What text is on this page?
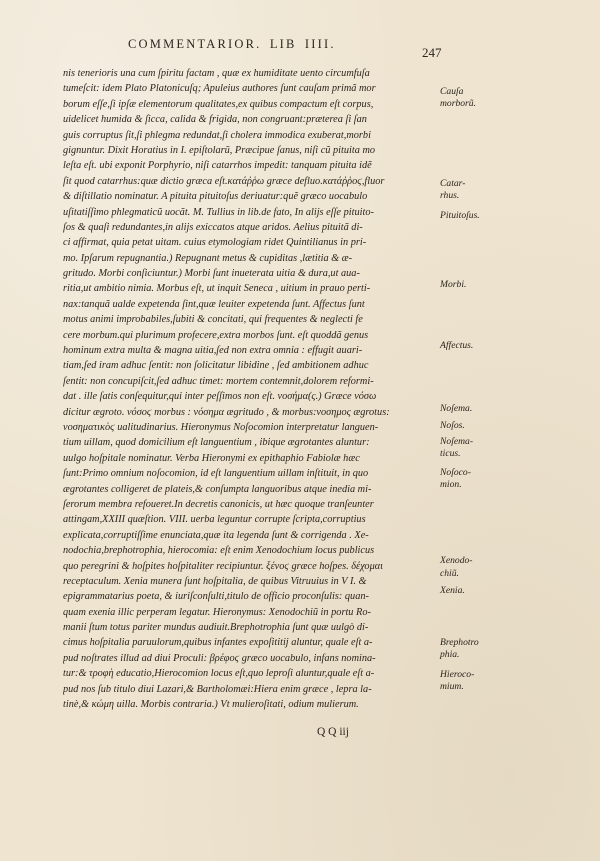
COMMENTARIOR. LIB IIII.
247
nis tenerioris una cum ſpiritu factam , quæ ex humiditate uento circumfuſa
tumeſcit: idem Plato Platonicuſq; Apuleius authores ſunt cauſam primã mor
borum eſſe,ſi ipſæ elementorum qualitates,ex quibus compactum eſt corpus,
uidelicet humida & ſicca, calida & frigida, non congruant:præterea ſi ſan
guis corruptus ſit,ſi phlegma redundat,ſi cholera immodica exuberat,morbi
gignuntur. Dixit Horatius in I. epiſtolarũ, Præcipue ſanus, niſi cũ pituita mo
leſta eſt. ubi exponit Porphyrio, niſi catarrhos impedit: tanquam pituita idẽ
ſit quod catarrhus:quæ dictio græca eſt.κατάῤῥω græce defluo.κατάῤῥοϛ,fluor
& diſtillatio nominatur. A pituita pituitoſus deriuatur:quẽ græco uocabulo
uſitatiſſimo phlegmaticũ uocãt. M. Tullius in lib.de fato, In alijs eſſe pituito-
ſos & quaſi redundantes,in alijs exiccatos atque aridos. Aelius pituitã di-
ci affirmat, quia petat uitam. cuius etymologiam ridet Quintilianus in pri-
mo. Ipſarum repugnantia.) Repugnant metus & cupiditas ,lætitia & æ-
gritudo. Morbi conſiciuntur.) Morbi ſunt inueterata uitia & dura,ut aua-
ritia,ut ambitio nimia. Morbus eſt, ut inquit Seneca , uitium in prauo perti-
nax:tanquã ualde expetenda ſint,quæ leuiter expetenda ſunt. Affectus ſunt
motus animi improbabiles,ſubiti & concitati, qui frequentes & neglecti fe
cere morbum.qui plurimum profecere,extra morbos ſunt. eſt quoddã genus
hominum extra multa & magna uitia,ſed non extra omnia : effugit auari-
tiam,ſed iram adhuc ſentit: non ſolicitatur libidine , ſed ambitionem adhuc
ſentit: non concupiſcit,ſed adhuc timet: mortem contemnit,dolorem reformi-
dat . ille ſatis conſequitur,qui inter peſſimos non eſt. νοσήμα(ς.) Græce νόσω
dicitur ægroto. νόσοϛ morbus : νόσημα ægritudo , & morbus:νοσημος ægrotus:
νοσηματικὸϛ ualitudinarius. Hieronymus Noſocomion interpretatur languen-
tium uillam, quod domicilium eſt languentium , ibique ægrotantes aluntur:
uulgo hoſpitale nominatur. Verba Hieronymi ex epithaphio Fabiolæ hæc
ſunt:Primo omnium noſocomion, id eſt languentium uillam inſtituit, in quo
ægrotantes colligeret de plateis,& conſumpta languoribus atque inedia mi-
ſerorum membra refoueret.In decretis canonicis, ut hæc quoque tranſeunter
attingam,XXIII quæſtion. VIII. uerba leguntur corrupte ſcripta,corruptius
explicata,corruptiſſime enunciata,quæ ita legenda ſunt & corrigenda . Xe-
nodochia,brephotrophia, hierocomia: eſt enim Xenodochium locus publicus
quo peregrini & hoſpites hoſpitaliter recipiuntur. ξένοϛ græce hoſpes. δέχομαι
receptaculum. Xenia munera ſunt hoſpitalia, de quibus Vitruuius in V I. &
epigrammatarius poeta, & iuriſconſulti,titulo de officio proconſulis: quan-
quam exenia illic perperam legatur. Hieronymus: Xenodochiũ in portu Ro-
manii ſtum totus pariter mundus audiuit.Brephotrophia ſunt quæ uulgò di-
cimus hoſpitalia paruulorum,quibus infantes expoſititij aluntur, quale eſt a-
pud noſtrates illud ad diui Proculi: βρέφοϛ græco uocabulo, infans nomina-
tur:& τροφὴ educatio,Hierocomion locus eſt,quo leproſi aluntur,quale eſt a-
pud nos ſub titulo diui Lazari,& Bartholomæi:Hiera enim græce , lepra la-
tinè,& κώμη uilla. Morbis contraria.) Vt mulieroſitati, odium mulierum.
Cauſa
morborũ.
Catar-
rhus.
Pituitoſus.
Morbi.
Affectus.
Noſema.
Noſos.
Noſema-
ticus.
Noſoco-
mion.
Xenodo-
chiũ.
Xenia.
Brephotro
phia.
Hieroco-
mium.
Q Q iij
